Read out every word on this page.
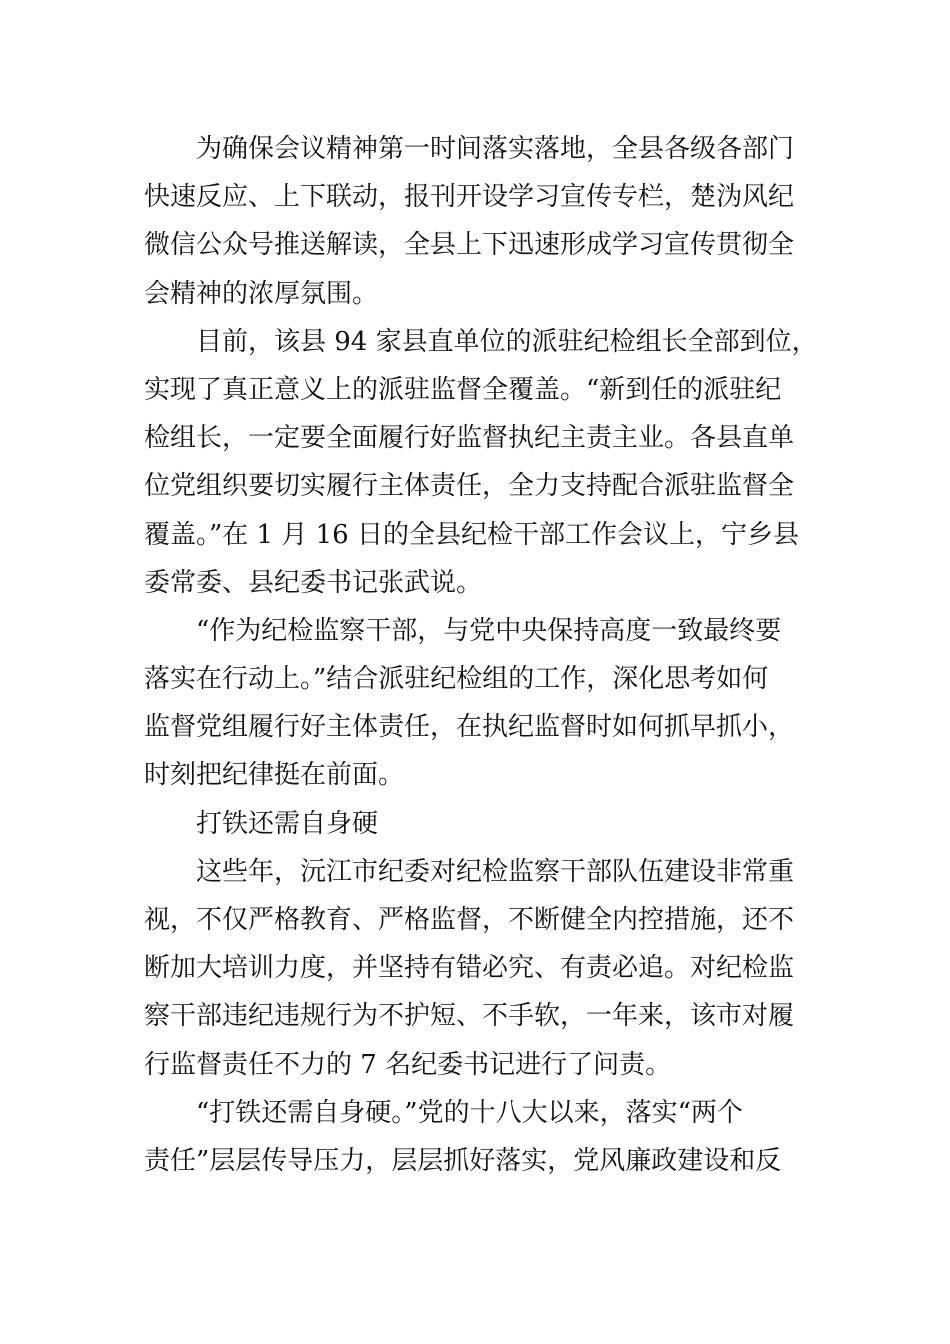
为确保会议精神第一时间落实落地，全县各级各部门
快速反应、上下联动，报刊开设学习宣传专栏，楚沩风纪
微信公众号推送解读，全县上下迅速形成学习宣传贯彻全
会精神的浓厚氛围。
目前，该县 94 家县直单位的派驻纪检组长全部到位，
实现了真正意义上的派驻监督全覆盖。“新到任的派驻纪
检组长，一定要全面履行好监督执纪主责主业。各县直单
位党组织要切实履行主体责任，全力支持配合派驻监督全
覆盖。”在 1 月 16 日的全县纪检干部工作会议上，宁乡县
委常委、县纪委书记张武说。
“作为纪检监察干部，与党中央保持高度一致最终要
落实在行动上。”结合派驻纪检组的工作，深化思考如何
监督党组履行好主体责任，在执纪监督时如何抓早抓小，
时刻把纪律挺在前面。
打铁还需自身硬
这些年，沅江市纪委对纪检监察干部队伍建设非常重
视，不仅严格教育、严格监督，不断健全内控措施，还不
断加大培训力度，并坚持有错必究、有责必追。对纪检监
察干部违纪违规行为不护短、不手软，一年来，该市对履
行监督责任不力的 7 名纪委书记进行了问责。
“打铁还需自身硬。”党的十八大以来，落实“两个
责任”层层传导压力，层层抓好落实，党风廉政建设和反
